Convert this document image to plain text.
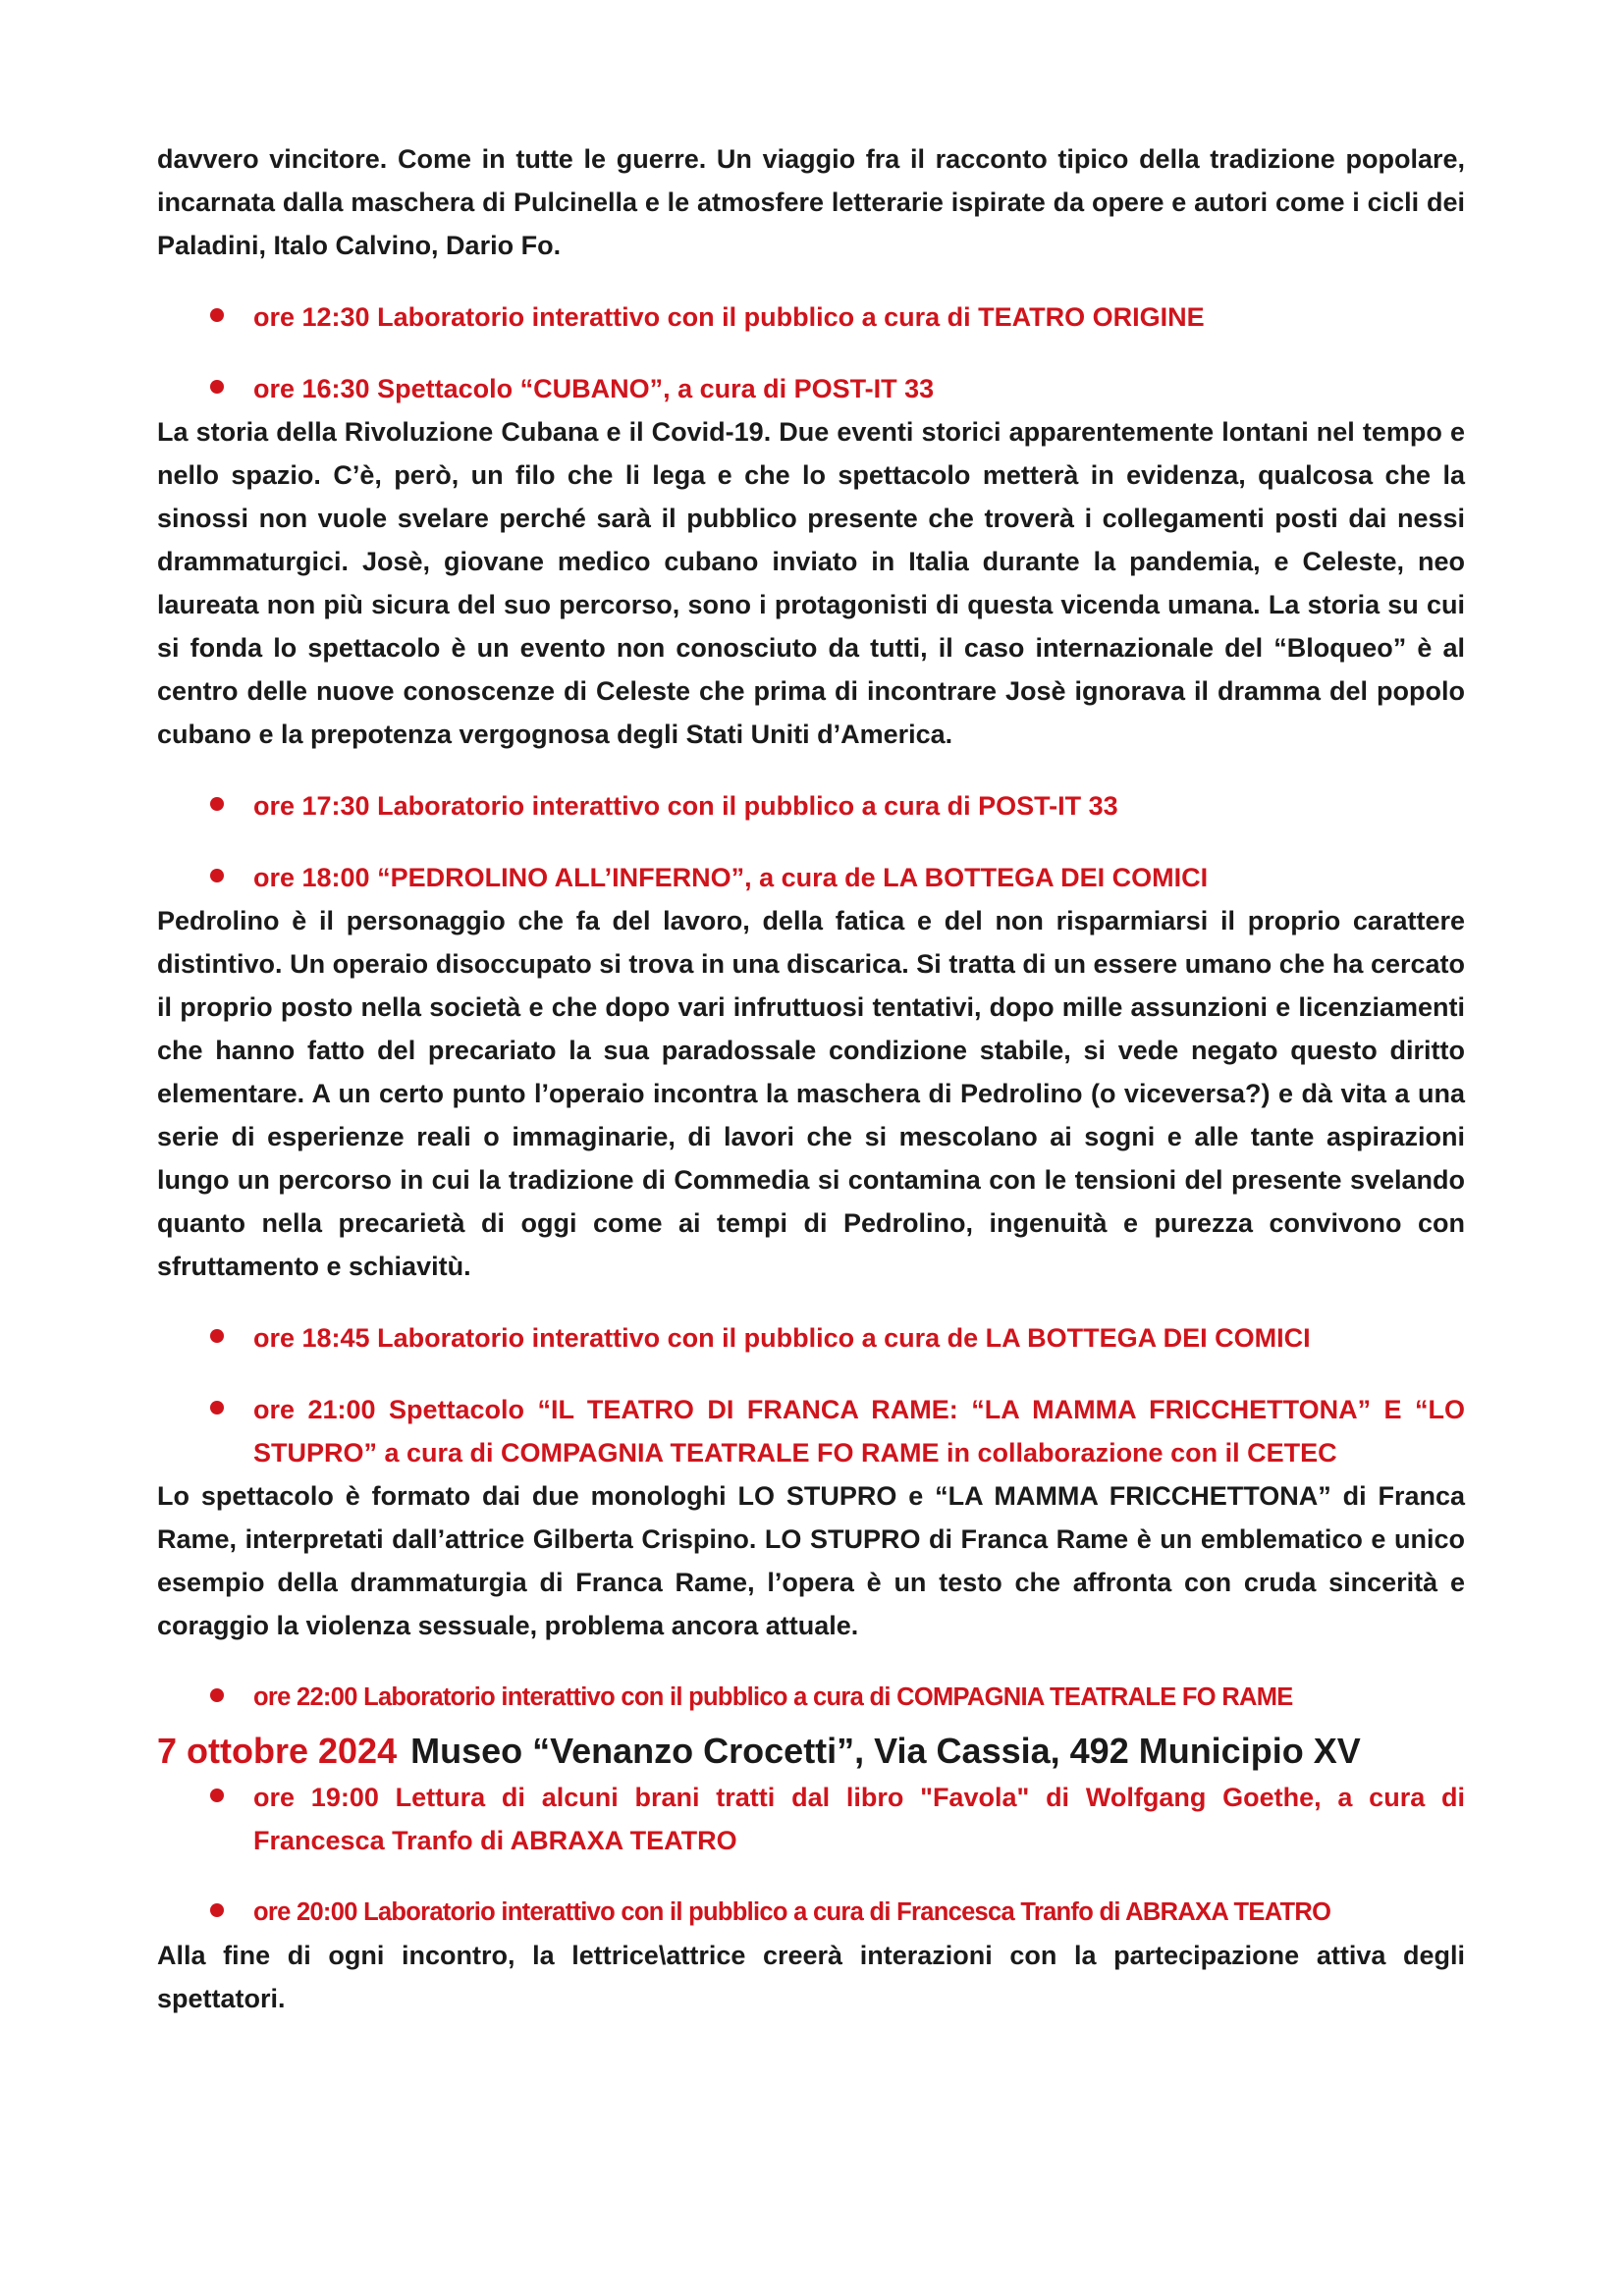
davvero vincitore. Come in tutte le guerre. Un viaggio fra il racconto tipico della tradizione popolare, incarnata dalla maschera di Pulcinella e le atmosfere letterarie ispirate da opere e autori come i cicli dei Paladini, Italo Calvino, Dario Fo.

ore 12:30 Laboratorio interattivo con il pubblico a cura di TEATRO ORIGINE
ore 16:30 Spettacolo “CUBANO”, a cura di POST-IT 33

La storia della Rivoluzione Cubana e il Covid-19. Due eventi storici apparentemente lontani nel tempo e nello spazio. C’è, però, un filo che li lega e che lo spettacolo metterà in evidenza, qualcosa che la sinossi non vuole svelare perché sarà il pubblico presente che troverà i collegamenti posti dai nessi drammaturgici. Josè, giovane medico cubano inviato in Italia durante la pandemia, e Celeste, neo laureata non più sicura del suo percorso, sono i protagonisti di questa vicenda umana. La storia su cui si fonda lo spettacolo è un evento non conosciuto da tutti, il caso internazionale del “Bloqueo” è al centro delle nuove conoscenze di Celeste che prima di incontrare Josè ignorava il dramma del popolo cubano e la prepotenza vergognosa degli Stati Uniti d’America.

ore 17:30 Laboratorio interattivo con il pubblico a cura di POST-IT 33
ore 18:00 “PEDROLINO ALL’INFERNO”, a cura de LA BOTTEGA DEI COMICI

Pedrolino è il personaggio che fa del lavoro, della fatica e del non risparmiarsi il proprio carattere distintivo. Un operaio disoccupato si trova in una discarica. Si tratta di un essere umano che ha cercato il proprio posto nella società e che dopo vari infruttuosi tentativi, dopo mille assunzioni e licenziamenti che hanno fatto del precariato la sua paradossale condizione stabile, si vede negato questo diritto elementare. A un certo punto l’operaio incontra la maschera di Pedrolino (o viceversa?) e dà vita a una serie di esperienze reali o immaginarie, di lavori che si mescolano ai sogni e alle tante aspirazioni lungo un percorso in cui la tradizione di Commedia si contamina con le tensioni del presente svelando quanto nella precarietà di oggi come ai tempi di Pedrolino, ingenuità e purezza convivono con sfruttamento e schiavitù.

ore 18:45 Laboratorio interattivo con il pubblico a cura de LA BOTTEGA DEI COMICI
ore 21:00 Spettacolo “IL TEATRO DI FRANCA RAME: “LA MAMMA FRICCHETTONA” E “LO STUPRO” a cura di COMPAGNIA TEATRALE FO RAME in collaborazione con il CETEC

Lo spettacolo è formato dai due monologhi LO STUPRO e “LA MAMMA FRICCHETTONA” di Franca Rame, interpretati dall’attrice Gilberta Crispino. LO STUPRO di Franca Rame è un emblematico e unico esempio della drammaturgia di Franca Rame, l’opera è un testo che affronta con cruda sincerità e coraggio la violenza sessuale, problema ancora attuale.

ore 22:00 Laboratorio interattivo con il pubblico a cura di COMPAGNIA TEATRALE FO RAME
7 ottobre 2024 Museo “Venanzo Crocetti”, Via Cassia, 492 Municipio XV
ore 19:00 Lettura di alcuni brani tratti dal libro "Favola" di Wolfgang Goethe, a cura di Francesca Tranfo di ABRAXA TEATRO
ore 20:00 Laboratorio interattivo con il pubblico a cura di Francesca Tranfo di ABRAXA TEATRO

Alla fine di ogni incontro, la lettrice\attrice creerà interazioni con la partecipazione attiva degli spettatori.
